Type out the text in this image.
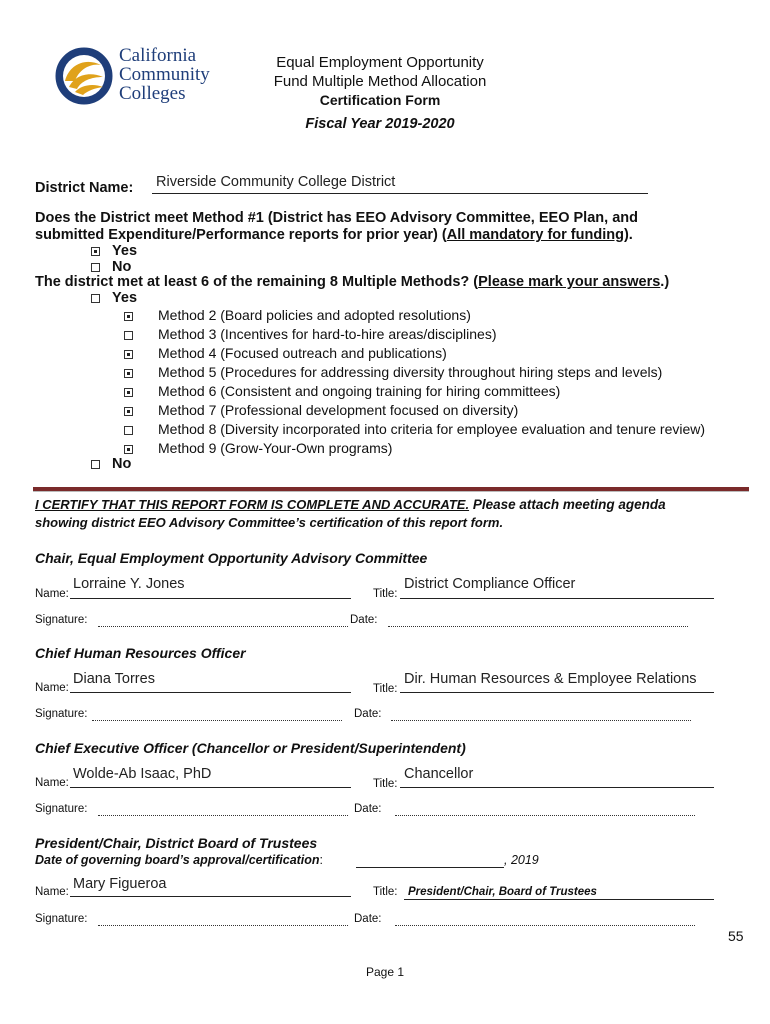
California
Community
Colleges
Equal Employment Opportunity
Fund Multiple Method Allocation
Certification Form
Fiscal Year 2019-2020
District Name: Riverside Community College District
Does the District meet Method #1 (District has EEO Advisory Committee, EEO Plan, and
submitted Expenditure/Performance reports for prior year) (All mandatory for funding).
Yes
No
The district met at least 6 of the remaining 8 Multiple Methods? (Please mark your answers.)
Yes
Method 2 (Board policies and adopted resolutions)
Method 3 (Incentives for hard-to-hire areas/disciplines)
Method 4 (Focused outreach and publications)
Method 5 (Procedures for addressing diversity throughout hiring steps and levels)
Method 6 (Consistent and ongoing training for hiring committees)
Method 7 (Professional development focused on diversity)
Method 8 (Diversity incorporated into criteria for employee evaluation and tenure review)
Method 9 (Grow-Your-Own programs)
No
I CERTIFY THAT THIS REPORT FORM IS COMPLETE AND ACCURATE. Please attach meeting agenda
showing district EEO Advisory Committee’s certification of this report form.
Chair, Equal Employment Opportunity Advisory Committee
Name:
Lorraine Y. Jones
Title:
District Compliance Officer
Signature:	Date:
Chief Human Resources Officer
Name:
Diana Torres
Title:
Dir. Human Resources & Employee Relations
Signature:	Date:
Chief Executive Officer (Chancellor or President/Superintendent)
Name:
Wolde-Ab Isaac, PhD
Title:
Chancellor
Signature:	Date:
President/Chair, District Board of Trustees
Date of governing board’s approval/certification:	, 2019
Name: Mary Figueroa	Title: President/Chair, Board of Trustees
Signature:	Date:
55
Page 1
